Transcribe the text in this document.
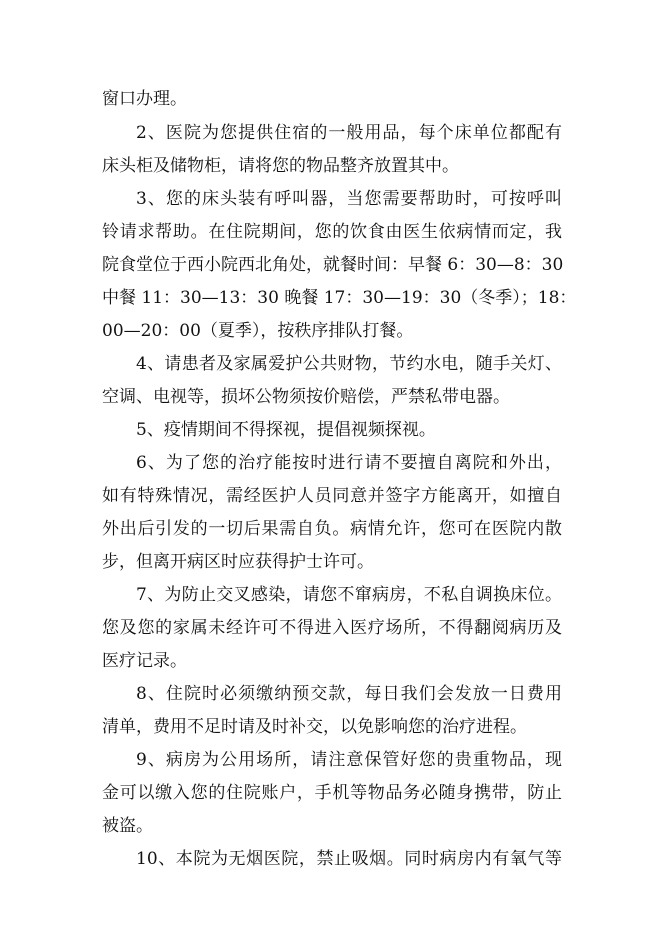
窗口办理。
2、医院为您提供住宿的一般用品，每个床单位都配有
床头柜及储物柜，请将您的物品整齐放置其中。
3、您的床头装有呼叫器，当您需要帮助时，可按呼叫
铃请求帮助。在住院期间，您的饮食由医生依病情而定，我
院食堂位于西小院西北角处，就餐时间：早餐 6：30—8：30
中餐 11：30—13：30 晚餐 17：30—19：30（冬季）；18：
00—20：00（夏季），按秩序排队打餐。
4、请患者及家属爱护公共财物，节约水电，随手关灯、
空调、电视等，损坏公物须按价赔偿，严禁私带电器。
5、疫情期间不得探视，提倡视频探视。
6、为了您的治疗能按时进行请不要擅自离院和外出，
如有特殊情况，需经医护人员同意并签字方能离开，如擅自
外出后引发的一切后果需自负。病情允许，您可在医院内散
步，但离开病区时应获得护士许可。
7、为防止交叉感染，请您不窜病房，不私自调换床位。
您及您的家属未经许可不得进入医疗场所，不得翻阅病历及
医疗记录。
8、住院时必须缴纳预交款，每日我们会发放一日费用
清单，费用不足时请及时补交，以免影响您的治疗进程。
9、病房为公用场所，请注意保管好您的贵重物品，现
金可以缴入您的住院账户，手机等物品务必随身携带，防止
被盗。
10、本院为无烟医院，禁止吸烟。同时病房内有氧气等
